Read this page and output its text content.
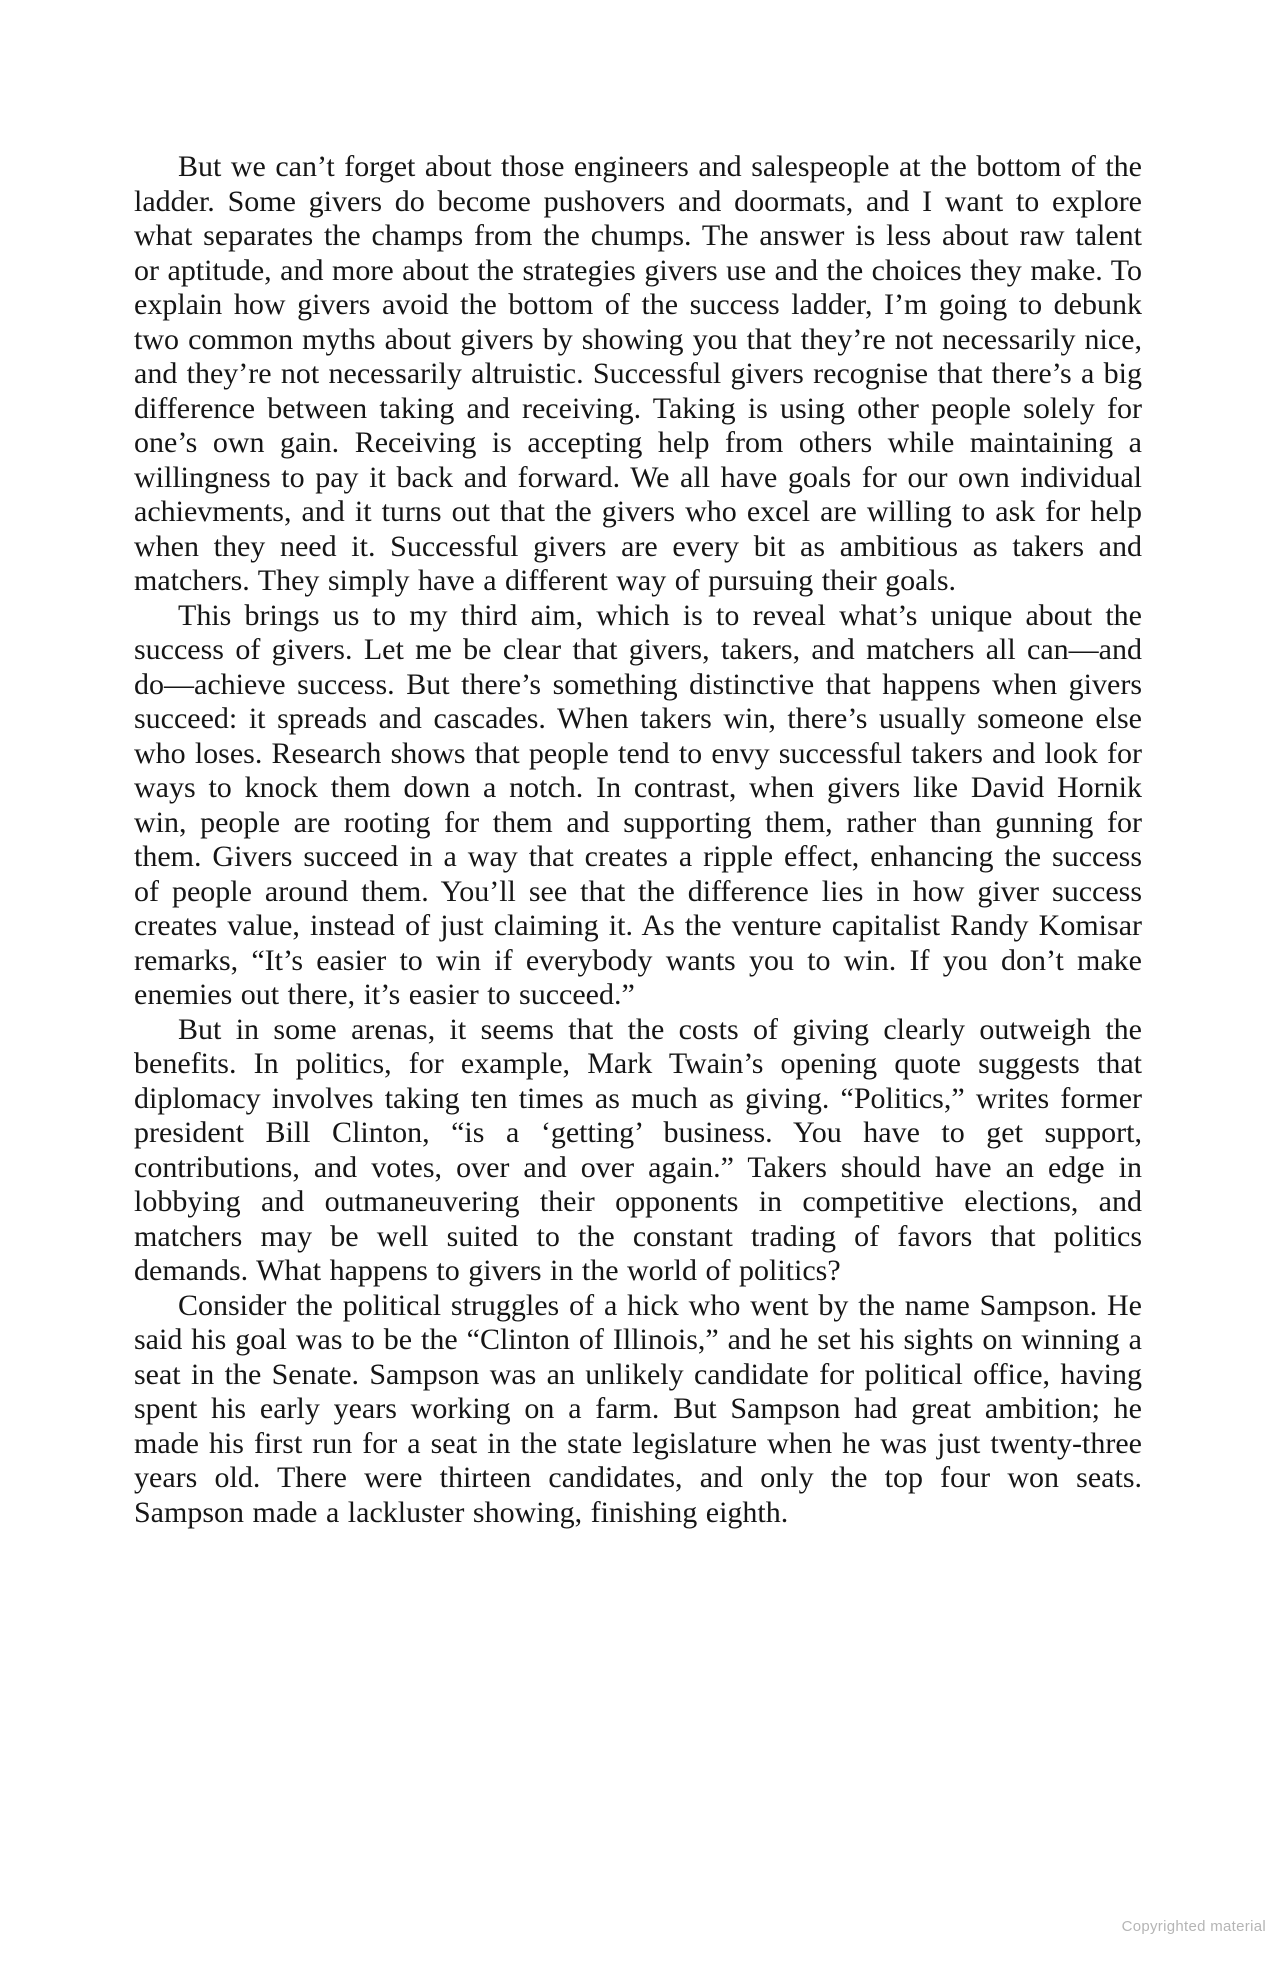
But we can’t forget about those engineers and salespeople at the bottom of the ladder. Some givers do become pushovers and doormats, and I want to explore what separates the champs from the chumps. The answer is less about raw talent or aptitude, and more about the strategies givers use and the choices they make. To explain how givers avoid the bottom of the success ladder, I’m going to debunk two common myths about givers by showing you that they’re not necessarily nice, and they’re not necessarily altruistic. Successful givers recognise that there’s a big difference between taking and receiving. Taking is using other people solely for one’s own gain. Receiving is accepting help from others while maintaining a willingness to pay it back and forward. We all have goals for our own individual achievments, and it turns out that the givers who excel are willing to ask for help when they need it. Successful givers are every bit as ambitious as takers and matchers. They simply have a different way of pursuing their goals.

This brings us to my third aim, which is to reveal what’s unique about the success of givers. Let me be clear that givers, takers, and matchers all can—and do—achieve success. But there’s something distinctive that happens when givers succeed: it spreads and cascades. When takers win, there’s usually someone else who loses. Research shows that people tend to envy successful takers and look for ways to knock them down a notch. In contrast, when givers like David Hornik win, people are rooting for them and supporting them, rather than gunning for them. Givers succeed in a way that creates a ripple effect, enhancing the success of people around them. You’ll see that the difference lies in how giver success creates value, instead of just claiming it. As the venture capitalist Randy Komisar remarks, “It’s easier to win if everybody wants you to win. If you don’t make enemies out there, it’s easier to succeed.”

But in some arenas, it seems that the costs of giving clearly outweigh the benefits. In politics, for example, Mark Twain’s opening quote suggests that diplomacy involves taking ten times as much as giving. “Politics,” writes former president Bill Clinton, “is a ‘getting’ business. You have to get support, contributions, and votes, over and over again.” Takers should have an edge in lobbying and outmaneuvering their opponents in competitive elections, and matchers may be well suited to the constant trading of favors that politics demands. What happens to givers in the world of politics?

Consider the political struggles of a hick who went by the name Sampson. He said his goal was to be the “Clinton of Illinois,” and he set his sights on winning a seat in the Senate. Sampson was an unlikely candidate for political office, having spent his early years working on a farm. But Sampson had great ambition; he made his first run for a seat in the state legislature when he was just twenty-three years old. There were thirteen candidates, and only the top four won seats. Sampson made a lackluster showing, finishing eighth.

Copyrighted material
